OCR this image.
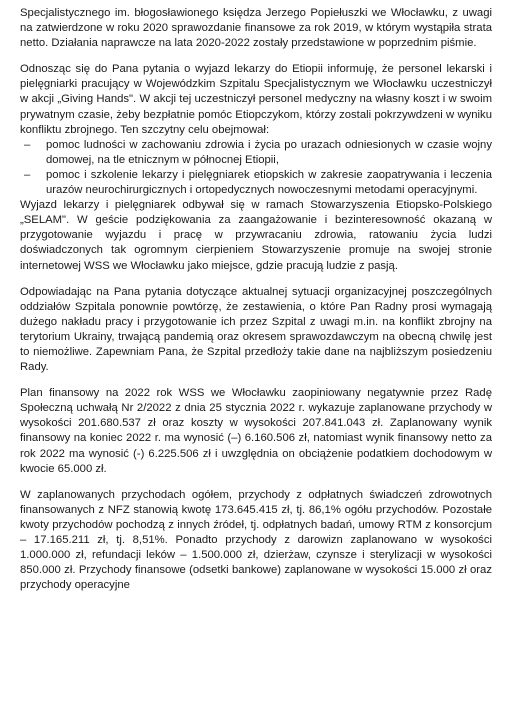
Specjalistycznego im. błogosławionego księdza Jerzego Popiełuszki we Włocławku, z uwagi na zatwierdzone w roku 2020 sprawozdanie finansowe za rok 2019, w którym wystąpiła strata netto. Działania naprawcze na lata 2020-2022 zostały przedstawione w poprzednim piśmie.

Odnosząc się do Pana pytania o wyjazd lekarzy do Etiopii informuję, że personel lekarski i pielęgniarki pracujący w Wojewódzkim Szpitalu Specjalistycznym we Włocławku uczestniczył w akcji „Giving Hands". W akcji tej uczestniczył personel medyczny na własny koszt i w swoim prywatnym czasie, żeby bezpłatnie pomóc Etiopczykom, którzy zostali pokrzywdzeni w wyniku konfliktu zbrojnego. Ten szczytny celu obejmował:

– pomoc ludności w zachowaniu zdrowia i życia po urazach odniesionych w czasie wojny domowej, na tle etnicznym w północnej Etiopii,
– pomoc i szkolenie lekarzy i pielęgniarek etiopskich w zakresie zaopatrywania i leczenia urazów neurochirurgicznych i ortopedycznych nowoczesnymi metodami operacyjnymi.

Wyjazd lekarzy i pielęgniarek odbywał się w ramach Stowarzyszenia Etiopsko-Polskiego „SELAM". W geście podziękowania za zaangażowanie i bezinteresowność okazaną w przygotowanie wyjazdu i pracę w przywracaniu zdrowia, ratowaniu życia ludzi doświadczonych tak ogromnym cierpieniem Stowarzyszenie promuje na swojej stronie internetowej WSS we Włocławku jako miejsce, gdzie pracują ludzie z pasją.

Odpowiadając na Pana pytania dotyczące aktualnej sytuacji organizacyjnej poszczególnych oddziałów Szpitala ponownie powtórzę, że zestawienia, o które Pan Radny prosi wymagają dużego nakładu pracy i przygotowanie ich przez Szpital z uwagi m.in. na konflikt zbrojny na terytorium Ukrainy, trwającą pandemią oraz okresem sprawozdawczym na obecną chwilę jest to niemożliwe. Zapewniam Pana, że Szpital przedłoży takie dane na najbliższym posiedzeniu Rady.

Plan finansowy na 2022 rok WSS we Włocławku zaopiniowany negatywnie przez Radę Społeczną uchwałą Nr 2/2022 z dnia 25 stycznia 2022 r. wykazuje zaplanowane przychody w wysokości 201.680.537 zł oraz koszty w wysokości 207.841.043 zł. Zaplanowany wynik finansowy na koniec 2022 r. ma wynosić (–) 6.160.506 zł, natomiast wynik finansowy netto za rok 2022 ma wynosić (-) 6.225.506 zł i uwzględnia on obciążenie podatkiem dochodowym w kwocie 65.000 zł.

W zaplanowanych przychodach ogółem, przychody z odpłatnych świadczeń zdrowotnych finansowanych z NFZ stanowią kwotę 173.645.415 zł, tj. 86,1% ogółu przychodów. Pozostałe kwoty przychodów pochodzą z innych źródeł, tj. odpłatnych badań, umowy RTM z konsorcjum – 17.165.211 zł, tj. 8,51%. Ponadto przychody z darowizn zaplanowano w wysokości 1.000.000 zł, refundacji leków – 1.500.000 zł, dzierżaw, czynsze i sterylizacji w wysokości 850.000 zł. Przychody finansowe (odsetki bankowe) zaplanowane w wysokości 15.000 zł oraz przychody operacyjne
